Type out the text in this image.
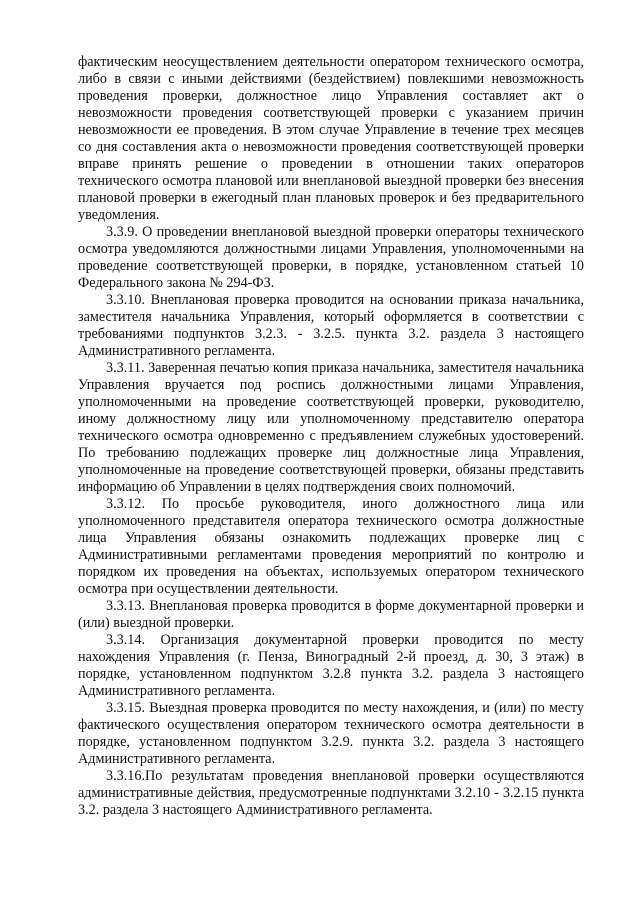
фактическим неосуществлением деятельности оператором технического осмотра, либо в связи с иными действиями (бездействием) повлекшими невозможность проведения проверки, должностное лицо Управления составляет акт о невозможности проведения соответствующей проверки с указанием причин невозможности ее проведения. В этом случае Управление в течение трех месяцев со дня составления акта о невозможности проведения соответствующей проверки вправе принять решение о проведении в отношении таких операторов технического осмотра плановой или внеплановой выездной проверки без внесения плановой проверки в ежегодный план плановых проверок и без предварительного уведомления.

3.3.9. О проведении внеплановой выездной проверки операторы технического осмотра уведомляются должностными лицами Управления, уполномоченными на проведение соответствующей проверки, в порядке, установленном статьей 10 Федерального закона № 294-ФЗ.

3.3.10. Внеплановая проверка проводится на основании приказа начальника, заместителя начальника Управления, который оформляется в соответствии с требованиями подпунктов 3.2.3. - 3.2.5. пункта 3.2. раздела 3 настоящего Административного регламента.

3.3.11. Заверенная печатью копия приказа начальника, заместителя начальника Управления вручается под роспись должностными лицами Управления, уполномоченными на проведение соответствующей проверки, руководителю, иному должностному лицу или уполномоченному представителю оператора технического осмотра одновременно с предъявлением служебных удостоверений. По требованию подлежащих проверке лиц должностные лица Управления, уполномоченные на проведение соответствующей проверки, обязаны представить информацию об Управлении в целях подтверждения своих полномочий.

3.3.12. По просьбе руководителя, иного должностного лица или уполномоченного представителя оператора технического осмотра должностные лица Управления обязаны ознакомить подлежащих проверке лиц с Административными регламентами проведения мероприятий по контролю и порядком их проведения на объектах, используемых оператором технического осмотра при осуществлении деятельности.

3.3.13. Внеплановая проверка проводится в форме документарной проверки и (или) выездной проверки.

3.3.14. Организация документарной проверки проводится по месту нахождения Управления (г. Пенза, Виноградный 2-й проезд, д. 30, 3 этаж) в порядке, установленном подпунктом 3.2.8 пункта 3.2. раздела 3 настоящего Административного регламента.

3.3.15. Выездная проверка проводится по месту нахождения, и (или) по месту фактического осуществления оператором технического осмотра деятельности в порядке, установленном подпунктом 3.2.9. пункта 3.2. раздела 3 настоящего Административного регламента.

3.3.16.По результатам проведения внеплановой проверки осуществляются административные действия, предусмотренные подпунктами 3.2.10 - 3.2.15 пункта 3.2. раздела 3 настоящего Административного регламента.
